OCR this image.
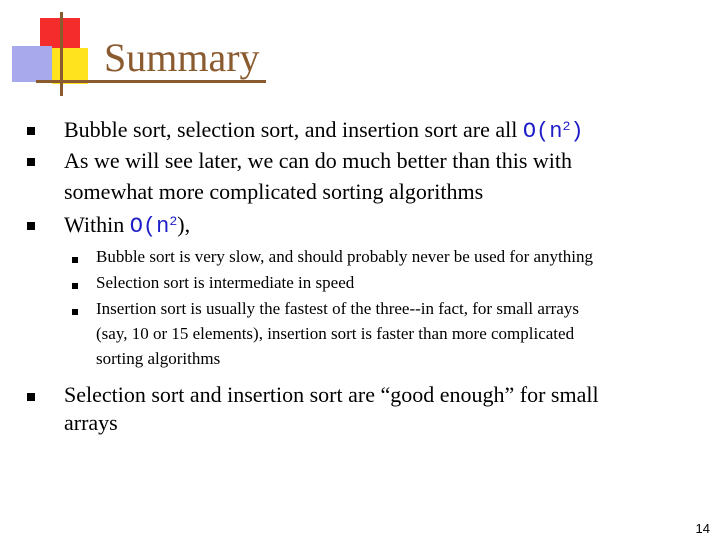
Summary
Bubble sort, selection sort, and insertion sort are all $O(n^2)$
As we will see later, we can do much better than this with
somewhat more complicated sorting algorithms
Within $O(n^2)$,
Bubble sort is very slow, and should probably never be used for anything
Selection sort is intermediate in speed
Insertion sort is usually the fastest of the three--in fact, for small arrays
(say, 10 or 15 elements), insertion sort is faster than more complicated
sorting algorithms
Selection sort and insertion sort are “good enough” for small
arrays
14
